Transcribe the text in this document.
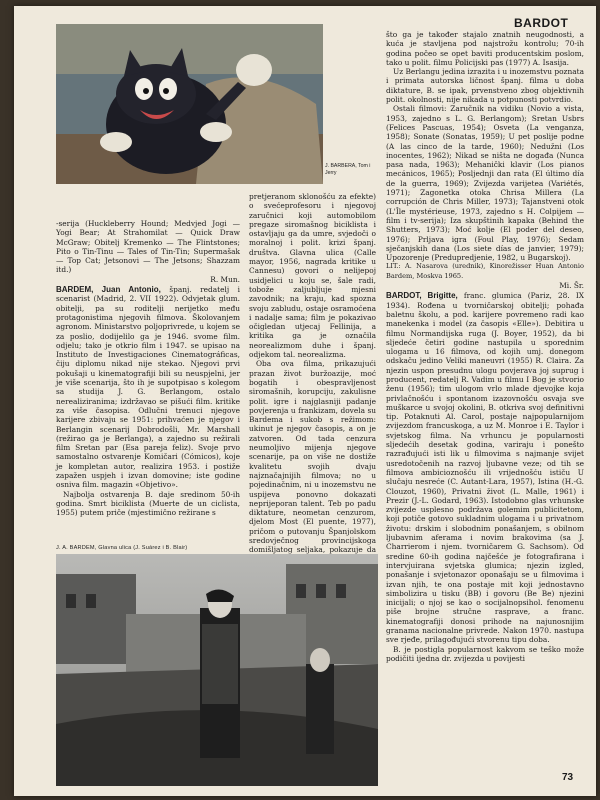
BARDOT
J. BARBERA, Tom i Jerry

-serija (Huckleberry Hound; Medvjed Jogi — Yogi Bear; At Strahomilat — Quick Draw McGraw; Obitelj Kremenko — The Flintstones; Pito o Tin-Tinu — Tales of Tin-Tin; Supermašak — Top Cat; Jetsonovi — The Jetsons; Shazzam itd.)

R. Mun.

BARDEM, Juan Antonio, španj. redatelj i scenarist (Madrid, 2. VII 1922). Odvjetak glum. obitelji, pa su roditelji nerijetko među protagonistima njegovih filmova. Školovanjem agronom. Ministarstvo poljoprivrede, u kojem se za poslio, dodijelilo ga je 1946. svome film. odjelu; tako je otkrio film i 1947. se upisao na Instituto de Investigaciones Cinematográficas, čiju diplomu nikad nije stekao. Njegovi prvi pokušaji u kinematografiji bili su neuspjelni, jer je više scenarija, što ih je supotpisao s kolegom sa studija J. G. Berlangom, ostalo nerealiziranima; izdržavao se pišući film. kritike za više časopisa. Odlučni trenuci njegove karijere zbivaju se 1951: prihvaćen je njegov i Berlangin scenarij Dobrodošli, Mr. Marshall (režirao ga je Berlanga), a zajedno su režirali film Sretan par (Esa pareja feliz). Svoje prvo samostalno ostvarenje Komičari (Cómicos), koje je kompletan autor, realizira 1953. i postiže zapažen uspjeh i izvan domovine; iste godine osniva film. magazin «Objetivo».

Najbolja ostvarenja B. daje sredinom 50-ih godina. Smrt biciklista (Muerte de un ciclista, 1955) putem priče (mjestimično režirane s

pretjeranom sklonošću za efekte) o svećeprofesoru i njegovoj zaručnici koji automobilom pregaze siromašnog biciklista i ostavljaju ga da umre, svjedoči o moralnoj i polit. krizi španj. društva. Glavna ulica (Calle mayor, 1956, nagrada kritike u Cannesu) govori o nelijepoj usidjelici u koju se, šale radi, tobože zaljubljuje mjesni zavodnik; na kraju, kad spozna svoju zabludu, ostaje osramoćena i nadalje sama; film je pokazivao očigledan utjecaj Fellinija, a kritika ga je označila neorealizmom duhe i španj. odjekom tal. neorealizma.

Oba ova filma, prikazujući prazan život buržoazije, moć bogatih i obespravljenost siromašnih, korupciju, zakulisne polit. igre i najglasniji padanje povjerenja u frankizam, dovela su Bardema i sukob s režimom: ukinut je njegov časopis, a on je zatvoren. Od tada cenzura neumoljivo mijenja njegove scenarije, pa on više ne dostiže kvalitetu svojih dvaju najznačajnijih filmova; no u pojedinačnim, ni u inozemstvu ne uspijeva ponovno dokazati neprijeporan talent. Teb po padu diktature, neometan cenzurom, djelom Most (El puente, 1977), pričom o putovanju Španjolskom sredovječnog provincijskoga domišljatog seljaka, pokazuje da

J. A. BARDEM, Glavna ulica (J. Suárez i B. Blair)

što ga je također stajalo znatnih neugodnosti, a kuća je stavljena pod najstrožu kontrolu; 70-ih godina počeo se opet baviti producentskim poslom, tako u polit. filmu Policijski pas (1977) A. Isasija.

Uz Berlangu jedina izrazita i u inozemstvu poznata i primata autorska ličnost španj. filma u doba diktature, B. se ipak, prvenstveno zbog objektivnih polit. okolnosti, nije nikada u potpunosti potvrdio.

Ostali filmovi: Zaručnik na vidiku (Novio a vista, 1953, zajedno s L. G. Berlangom); Sretan Usbrs (Felices Pascuas, 1954); Osveta (La venganza, 1958); Sonate (Sonatas, 1959); U pet poslije podne (A las cinco de la tarde, 1960); Nedužni (Los inocentes, 1962); Nikad se ništa ne događa (Nunca pasa nada, 1963); Mehanički klavir (Los pianos mecánicos, 1965); Posljednji dan rata (El último día de la guerra, 1969); Zvijezda varijeteа (Variétés, 1971); Zagonetka otoka Chrisa Millera (La corrupción de Chris Miller, 1973); Tajanstveni otok (L'Île mystérieuse, 1973, zajedno s H. Colpijem — film i tv-serija); Iza skupštinih kapaka (Behind the Shutters, 1973); Moć kolje (El poder del deseo, 1976); Prljava igra (Foul Play, 1976); Sedam sječanjskih dana (Los siete días de janvier, 1979); Upozorenje (Predupredjenie, 1982, u Bugarskoj).

LIT.: A. Nasarova (urednik), Kinorežisser Huan Antonio Bardem, Moskva 1965.

Mi. Šr.

BARDOT, Brigitte, franc. glumica (Pariz, 28. IX 1934). Rođena u tvorničarskoj obitelji; pohađa baletnu školu, a pod. karijere povremeno radi kao manekenka i model (za časopis «Elle»). Debitira u filmu Normandijska ruga (J. Boyer, 1952), da bi sljedeće četiri godine nastupila u sporednim ulogama u 16 filmova, od kojih umj. donegom odskaču jedino Veliki maneuvri (1955) R. Claira. Za njezin uspon presudnu ulogu povjerava joj suprug i producent, redatelj R. Vadim u filmu I Bog je stvorio ženu (1956); tim ulogom vrlo mlade djevojke koja privlačnošću i spontanom izazovnošću osvaja sve muškarce u svojoj okolini, B. otkriva svoj definitivni tip. Potaknuti Al. Carol, postaje najpopularnijom zvijezdom francuskoga, a uz M. Monroe i E. Taylor i svjetskog filma. Na vrhuncu je popularnosti sljedećih desetak godina, variraju i ponešto razrađujući isti lik u filmovima s najmanje svijet usredotočenih na razvoj ljubavne veze; od tih se filmova ambicioznošću ili vrijednošću ističu U slučaju nesreće (C. Autant-Lara, 1957), Istina (H.-G. Clouzot, 1960), Privatni život (L. Malle, 1961) i Prezir (J.-L. Godard, 1963). Istodobno glas vrhunske zvijezde usplesno podržava golemim publicitetom, koji potiče gotovo sukladnim ulogama i u privatnom životu: drskim i slobodnim ponašanjem, s obilnom ljubavnim aferama i novim brakovima (sa J. Charrierom i njem. tvorničarem G. Sachsom). Od sredine 60-ih godina najčešće je fotografirana i intervjuirana svjetska glumica; njezin izgled, ponašanje i svjetonazor oponašaju se u filmovima i izvan njih, te ona postaje mit koji jednostavno simbolizira u tisku (BB) i govoru (Be Be) njezini inicijali; o njoj se kao o socijalnopsihol. fenomenu piše brojne stručne rasprave, a franc. kinematografiji donosi prihode na najunosnijim granama nacionalne privrede. Nakon 1970. nastupa sve rjeđe, prilagođujući stvorenu tipu doba.

B. je postigla popularnost kakvom se teško može podičiti ijedna dr. zvijezda u povijesti

73
